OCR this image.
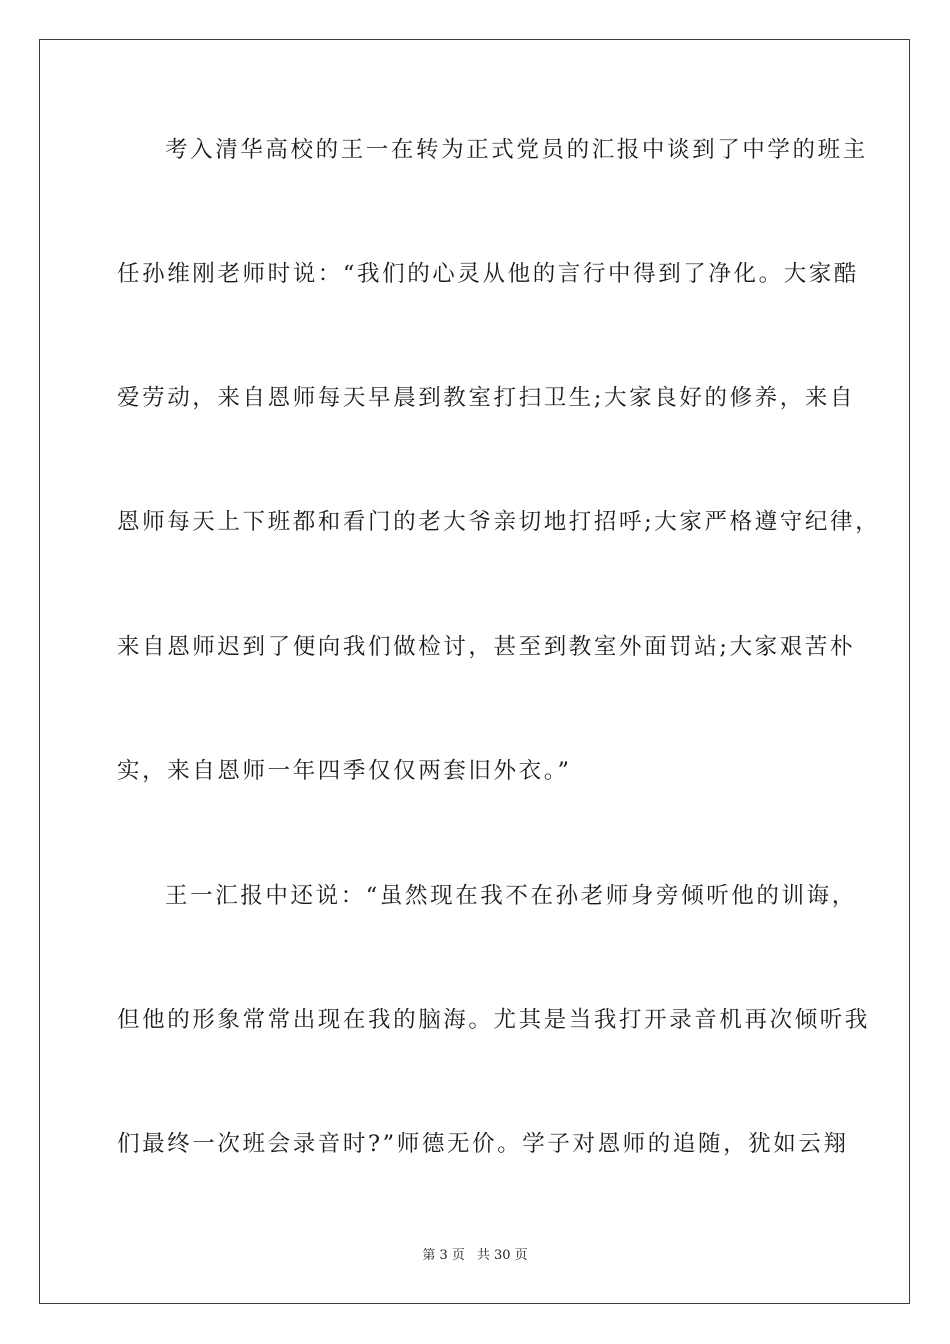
考入清华高校的王一在转为正式党员的汇报中谈到了中学的班主
任孙维刚老师时说：“我们的心灵从他的言行中得到了净化。大家酷
爱劳动，来自恩师每天早晨到教室打扫卫生;大家良好的修养，来自
恩师每天上下班都和看门的老大爷亲切地打招呼;大家严格遵守纪律，
来自恩师迟到了便向我们做检讨，甚至到教室外面罚站;大家艰苦朴
实，来自恩师一年四季仅仅两套旧外衣。”
王一汇报中还说：“虽然现在我不在孙老师身旁倾听他的训诲，
但他的形象常常出现在我的脑海。尤其是当我打开录音机再次倾听我
们最终一次班会录音时?”师德无价。学子对恩师的追随，犹如云翔
第 3 页 共 30 页
